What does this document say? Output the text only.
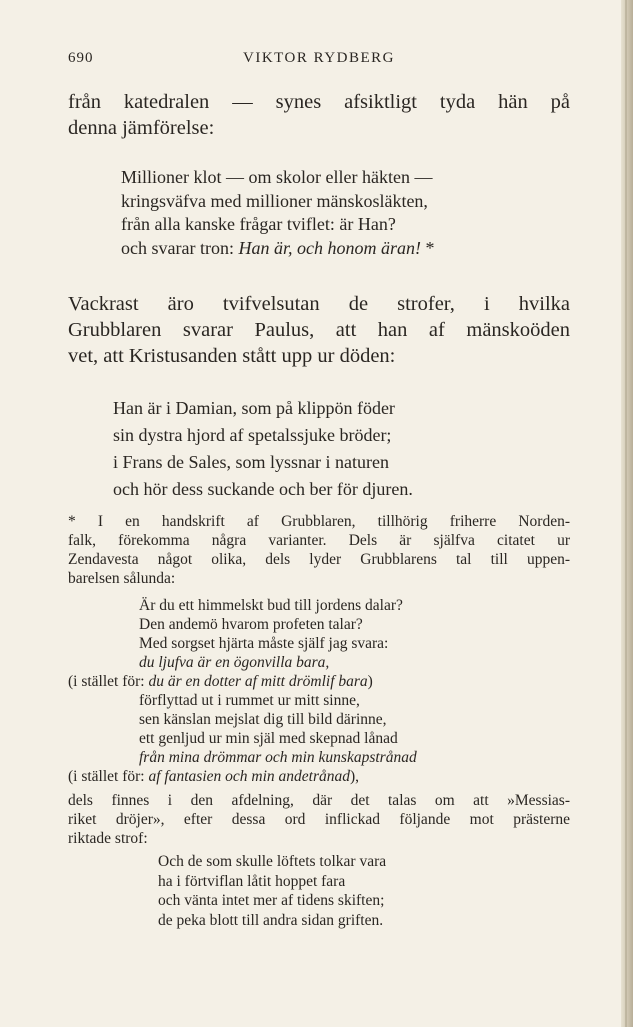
690	VIKTOR RYDBERG

från katedralen — synes afsiktligt tyda hän på
denna jämförelse:

Millioner klot — om skolor eller häkten —
kringsväfva med millioner mänskosläkten,
från alla kanske frågar tviflet: är Han?
och svarar tron: Han är, och honom äran! *

Vackrast äro tvifvelsutan de strofer, i hvilka
Grubblaren svarar Paulus, att han af mänskoöden
vet, att Kristusanden stått upp ur döden:

Han är i Damian, som på klippön föder
sin dystra hjord af spetalssjuke bröder;
i Frans de Sales, som lyssnar i naturen
och hör dess suckande och ber för djuren.

* I en handskrift af Grubblaren, tillhörig friherre Norden-
falk, förekomma några varianter. Dels är själfva citatet ur
Zendavesta något olika, dels lyder Grubblarens tal till uppen-
barelsen sålunda:

Är du ett himmelskt bud till jordens dalar?
Den andemö hvarom profeten talar?
Med sorgset hjärta måste själf jag svara:
du ljufva är en ögonvilla bara,
(i stället för: du är en dotter af mitt drömlif bara)
förflyttad ut i rummet ur mitt sinne,
sen känslan mejslat dig till bild därinne,
ett genljud ur min själ med skepnad lånad
från mina drömmar och min kunskapstrånad
(i stället för: af fantasien och min andetrånad),

dels finnes i den afdelning, där det talas om att »Messias-
riket dröjer», efter dessa ord inflickad följande mot prästerne
riktade strof:

Och de som skulle löftets tolkar vara
ha i förtviflan låtit hoppet fara
och vänta intet mer af tidens skiften;
de peka blott till andra sidan griften.
